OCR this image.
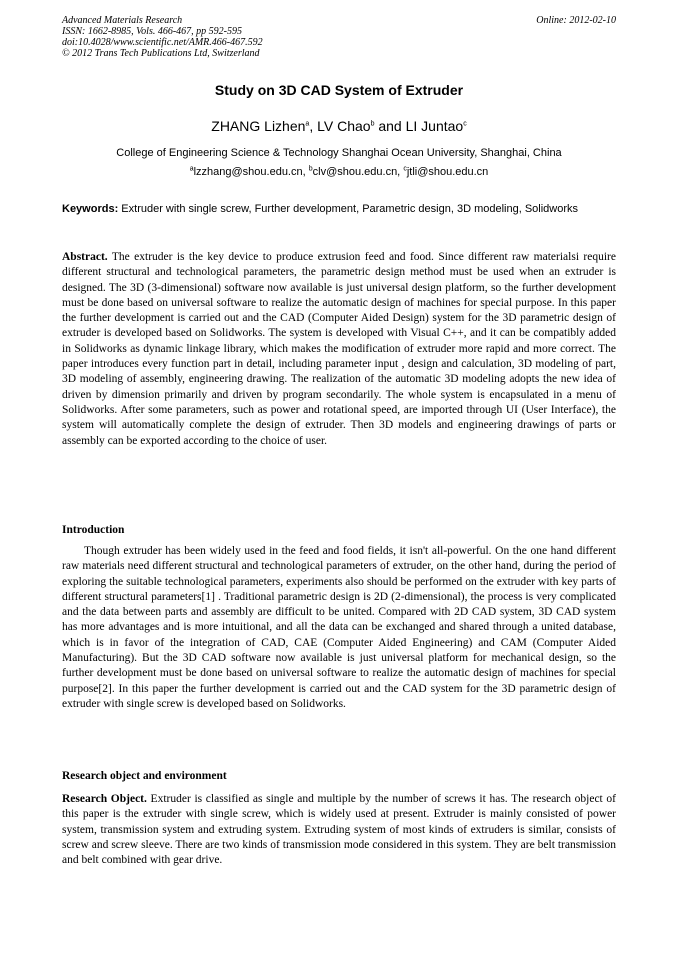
Advanced Materials Research
ISSN: 1662-8985, Vols. 466-467, pp 592-595
doi:10.4028/www.scientific.net/AMR.466-467.592
© 2012 Trans Tech Publications Ltd, Switzerland
Online: 2012-02-10
Study on 3D CAD System of Extruder
ZHANG Lizhen$^a$, LV Chao$^b$ and LI Juntao$^c$
College of Engineering Science & Technology Shanghai Ocean University, Shanghai, China
$^a$lzzhang@shou.edu.cn, $^b$clv@shou.edu.cn, $^c$jtli@shou.edu.cn
Keywords: Extruder with single screw, Further development, Parametric design, 3D modeling, Solidworks
Abstract. The extruder is the key device to produce extrusion feed and food. Since different raw materialsi require different structural and technological parameters, the parametric design method must be used when an extruder is designed. The 3D (3-dimensional) software now available is just universal design platform, so the further development must be done based on universal software to realize the automatic design of machines for special purpose. In this paper the further development is carried out and the CAD (Computer Aided Design) system for the 3D parametric design of extruder is developed based on Solidworks. The system is developed with Visual C++, and it can be compatibly added in Solidworks as dynamic linkage library, which makes the modification of extruder more rapid and more correct. The paper introduces every function part in detail, including parameter input , design and calculation, 3D modeling of part, 3D modeling of assembly, engineering drawing. The realization of the automatic 3D modeling adopts the new idea of driven by dimension primarily and driven by program secondarily. The whole system is encapsulated in a menu of Solidworks. After some parameters, such as power and rotational speed, are imported through UI (User Interface), the system will automatically complete the design of extruder. Then 3D models and engineering drawings of parts or assembly can be exported according to the choice of user.
Introduction
Though extruder has been widely used in the feed and food fields, it isn't all-powerful. On the one hand different raw materials need different structural and technological parameters of extruder, on the other hand, during the period of exploring the suitable technological parameters, experiments also should be performed on the extruder with key parts of different structural parameters[1] . Traditional parametric design is 2D (2-dimensional), the process is very complicated and the data between parts and assembly are difficult to be united. Compared with 2D CAD system, 3D CAD system has more advantages and is more intuitional, and all the data can be exchanged and shared through a united database, which is in favor of the integration of CAD, CAE (Computer Aided Engineering) and CAM (Computer Aided Manufacturing). But the 3D CAD software now available is just universal platform for mechanical design, so the further development must be done based on universal software to realize the automatic design of machines for special purpose[2]. In this paper the further development is carried out and the CAD system for the 3D parametric design of extruder with single screw is developed based on Solidworks.
Research object and environment
Research Object. Extruder is classified as single and multiple by the number of screws it has. The research object of this paper is the extruder with single screw, which is widely used at present. Extruder is mainly consisted of power system, transmission system and extruding system. Extruding system of most kinds of extruders is similar, consists of screw and screw sleeve. There are two kinds of transmission mode considered in this system. They are belt transmission and belt combined with gear drive.
